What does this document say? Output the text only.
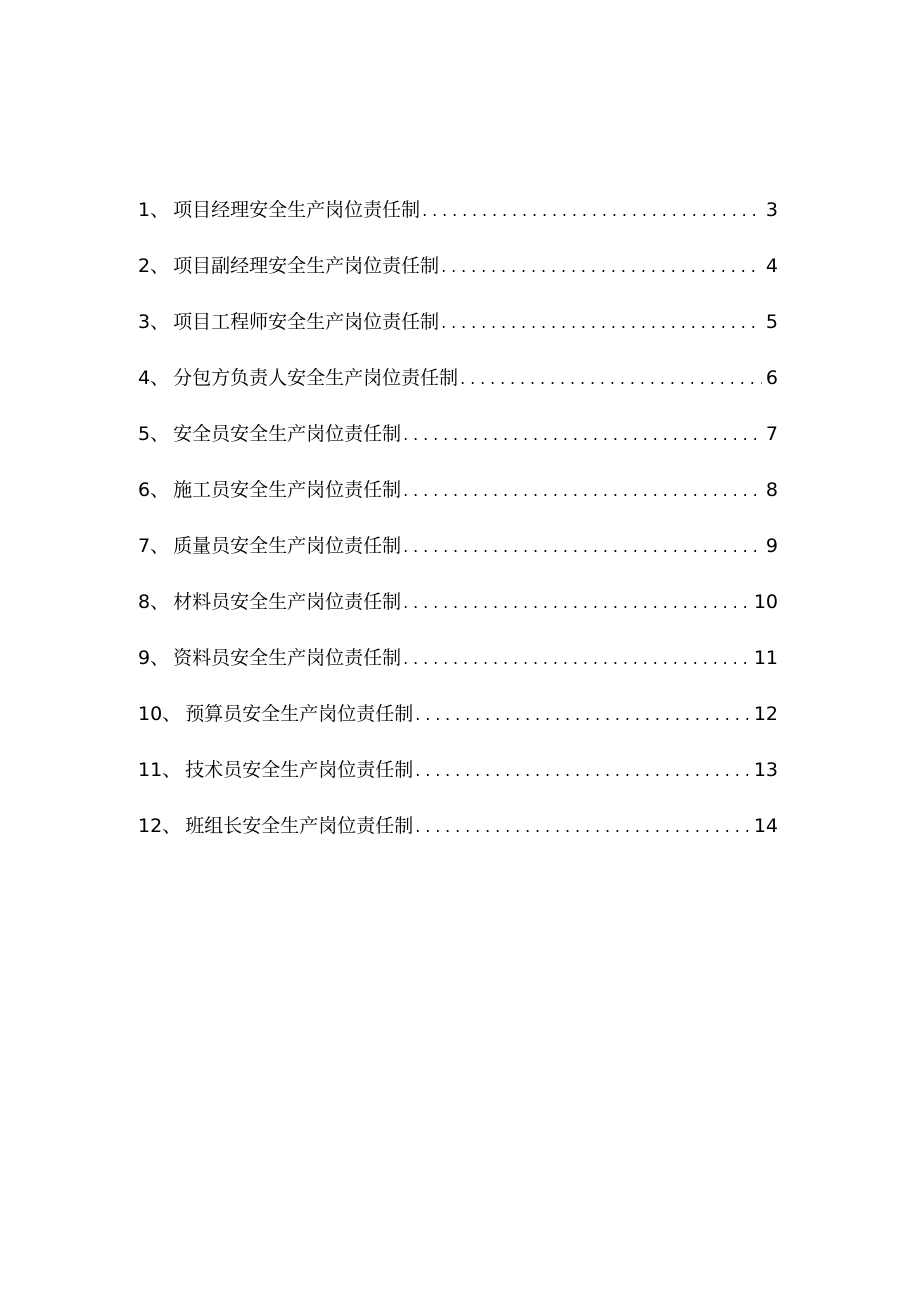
1 、 项目经理安全生产岗位责任制 .....	3
2 、 项目副经理安全生产岗位责任制 .....	4
3 、 项目工程师安全生产岗位责任制 .....	5
4 、 分包方负责人安全生产岗位责任制 .....	6
5 、 安全员安全生产岗位责任制 .....	7
6 、 施工员安全生产岗位责任制 .....	8
7 、 质量员安全生产岗位责任制 .....	9
8 、 材料员安全生产岗位责任制 .....	10
9 、 资料员安全生产岗位责任制 .....	11
10 、 预算员安全生产岗位责任制 .....	12
11 、 技术员安全生产岗位责任制 .....	13
12 、 班组长安全生产岗位责任制 .....	14
